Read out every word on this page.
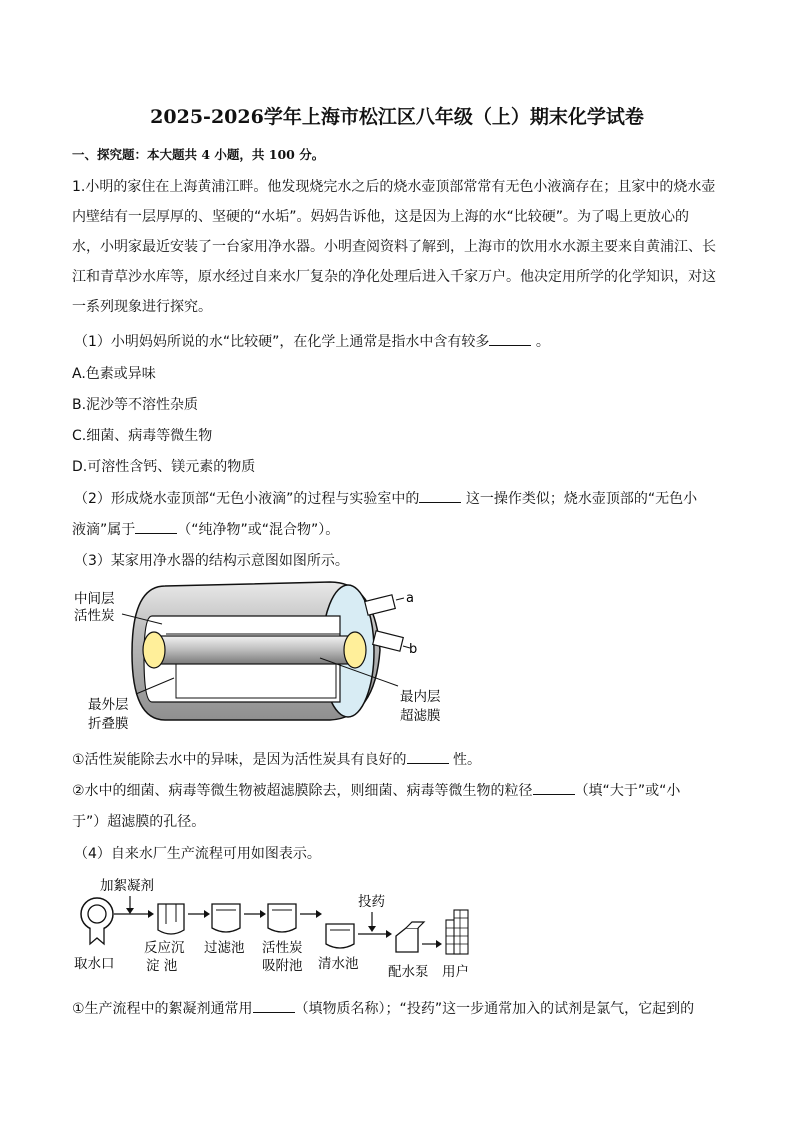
2025-2026学年上海市松江区八年级（上）期末化学试卷
一、探究题：本大题共 4 小题，共 100 分。
1.小明的家住在上海黄浦江畔。他发现烧完水之后的烧水壶顶部常常有无色小液滴存在；且家中的烧水壶
内壁结有一层厚厚的、坚硬的“水垢”。妈妈告诉他，这是因为上海的水“比较硬”。为了喝上更放心的
水，小明家最近安装了一台家用净水器。小明查阅资料了解到，上海市的饮用水水源主要来自黄浦江、长
江和青草沙水库等，原水经过自来水厂复杂的净化处理后进入千家万户。他决定用所学的化学知识，对这
一系列现象进行探究。
（1）小明妈妈所说的水“比较硬”，在化学上通常是指水中含有较多	。
A.色素或异味
B.泥沙等不溶性杂质
C.细菌、病毒等微生物
D.可溶性含钙、镁元素的物质
（2）形成烧水壶顶部“无色小液滴”的过程与实验室中的	这一操作类似；烧水壶顶部的“无色小
液滴”属于	（“纯净物”或“混合物”）。
（3）某家用净水器的结构示意图如图所示。
中间层
活性炭
最外层
折叠膜
最内层
超滤膜
a
b
①活性炭能除去水中的异味，是因为活性炭具有良好的	性。
②水中的细菌、病毒等微生物被超滤膜除去，则细菌、病毒等微生物的粒径	（填“大于”或“小
于”）超滤膜的孔径。
（4）自来水厂生产流程可用如图表示。
加絮凝剂
取水口
反应沉
淀 池
过滤池 活性炭
吸附池 清水池
投药
配水泵 用户
①生产流程中的絮凝剂通常用	（填物质名称）；“投药”这一步通常加入的试剂是氯气，它起到的
